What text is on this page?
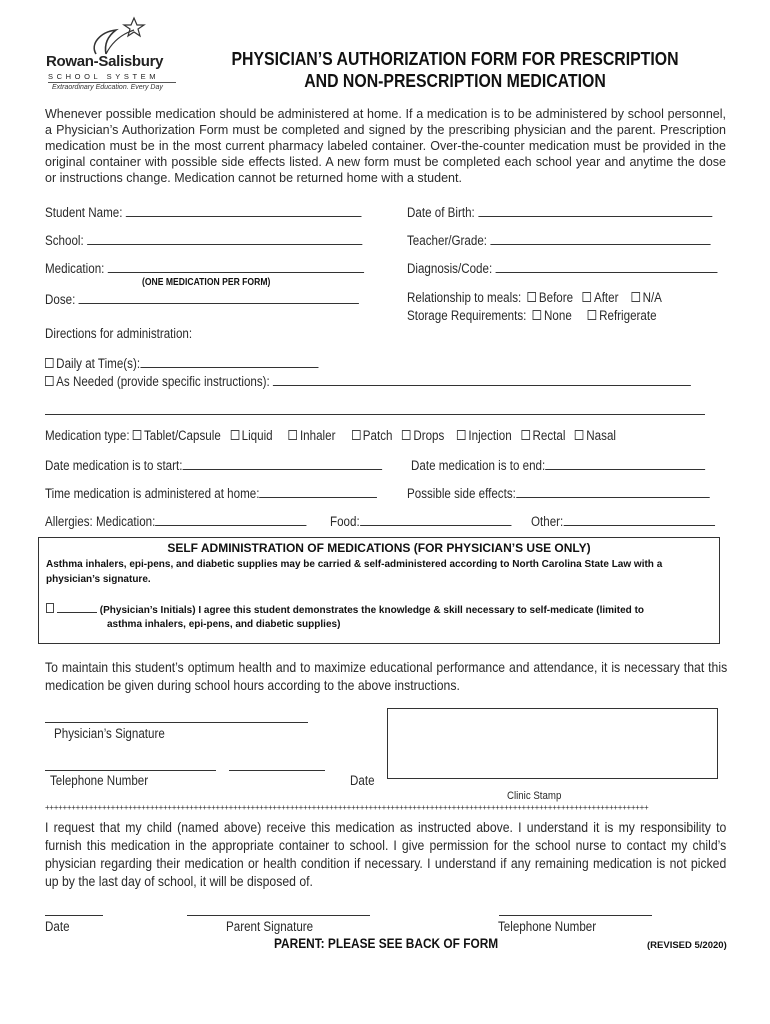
Rowan-Salisbury
SCHOOL SYSTEM
Extraordinary Education. Every Day
PHYSICIAN’S AUTHORIZATION FORM FOR PRESCRIPTION
AND NON-PRESCRIPTION MEDICATION
Whenever possible medication should be administered at home. If a medication is to be administered by school personnel, a Physician’s Authorization Form must be completed and signed by the prescribing physician and the parent. Prescription medication must be in the most current pharmacy labeled container. Over-the-counter medication must be provided in the original container with possible side effects listed. A new form must be completed each school year and anytime the dose or instructions change. Medication cannot be returned home with a student.
Student Name:	Date of Birth:
School:	Teacher/Grade:
Medication:
(ONE MEDICATION PER FORM)
Diagnosis/Code:
Dose:	Relationship to meals: Before After N/A
Storage Requirements: None Refrigerate
Directions for administration:
Daily at Time(s):
As Needed (provide specific instructions):
Medication type: Tablet/Capsule Liquid Inhaler Patch Drops Injection Rectal Nasal
Date medication is to start:	Date medication is to end:
Time medication is administered at home:	Possible side effects:
Allergies: Medication:	Food:	Other:
SELF ADMINISTRATION OF MEDICATIONS (FOR PHYSICIAN’S USE ONLY)
Asthma inhalers, epi-pens, and diabetic supplies may be carried & self-administered according to North Carolina State Law with a
physician’s signature.
(Physician’s Initials) I agree this student demonstrates the knowledge & skill necessary to self-medicate (limited to
asthma inhalers, epi-pens, and diabetic supplies)
To maintain this student’s optimum health and to maximize educational performance and attendance, it is necessary that this medication be given during school hours according to the above instructions.
Physician’s Signature
Telephone Number	Date
Clinic Stamp
++++++++++++++++++++++++++++++++++++++++++++++++++++++++++++++++++++++++++++++++++++++++++++++++++++++++++++++++++++++++++++++++++++++++++
I request that my child (named above) receive this medication as instructed above. I understand it is my responsibility to furnish this medication in the appropriate container to school. I give permission for the school nurse to contact my child’s physician regarding their medication or health condition if necessary. I understand if any remaining medication is not picked up by the last day of school, it will be disposed of.
Date	Parent Signature	Telephone Number
PARENT: PLEASE SEE BACK OF FORM	(REVISED 5/2020)
